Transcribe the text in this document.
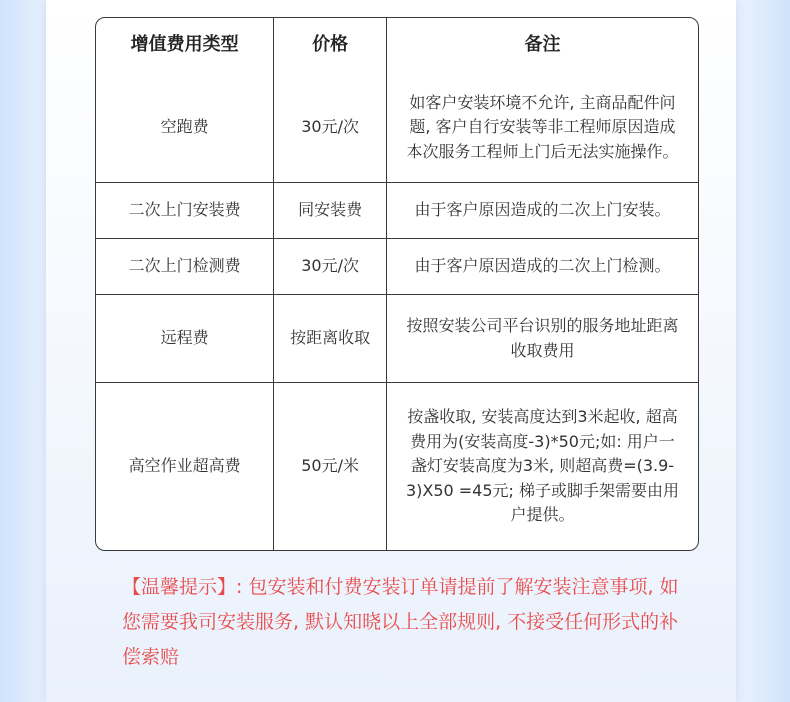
增值费用类型	价格	备注
空跑费	30元/次	如客户安装环境不允许, 主商品配件问题, 客户自行安装等非工程师原因造成本次服务工程师上门后无法实施操作。
二次上门安装费	同安装费	由于客户原因造成的二次上门安装。
二次上门检测费	30元/次	由于客户原因造成的二次上门检测。
远程费	按距离收取	按照安装公司平台识别的服务地址距离收取费用
高空作业超高费	50元/米	按盏收取, 安装高度达到3米起收, 超高费用为(安装高度-3)*50元;如: 用户一盏灯安装高度为3米, 则超高费=(3.9-3)X50 =45元; 梯子或脚手架需要由用户提供。

【温馨提示】: 包安装和付费安装订单请提前了解安装注意事项, 如您需要我司安装服务, 默认知晓以上全部规则, 不接受任何形式的补偿索赔
